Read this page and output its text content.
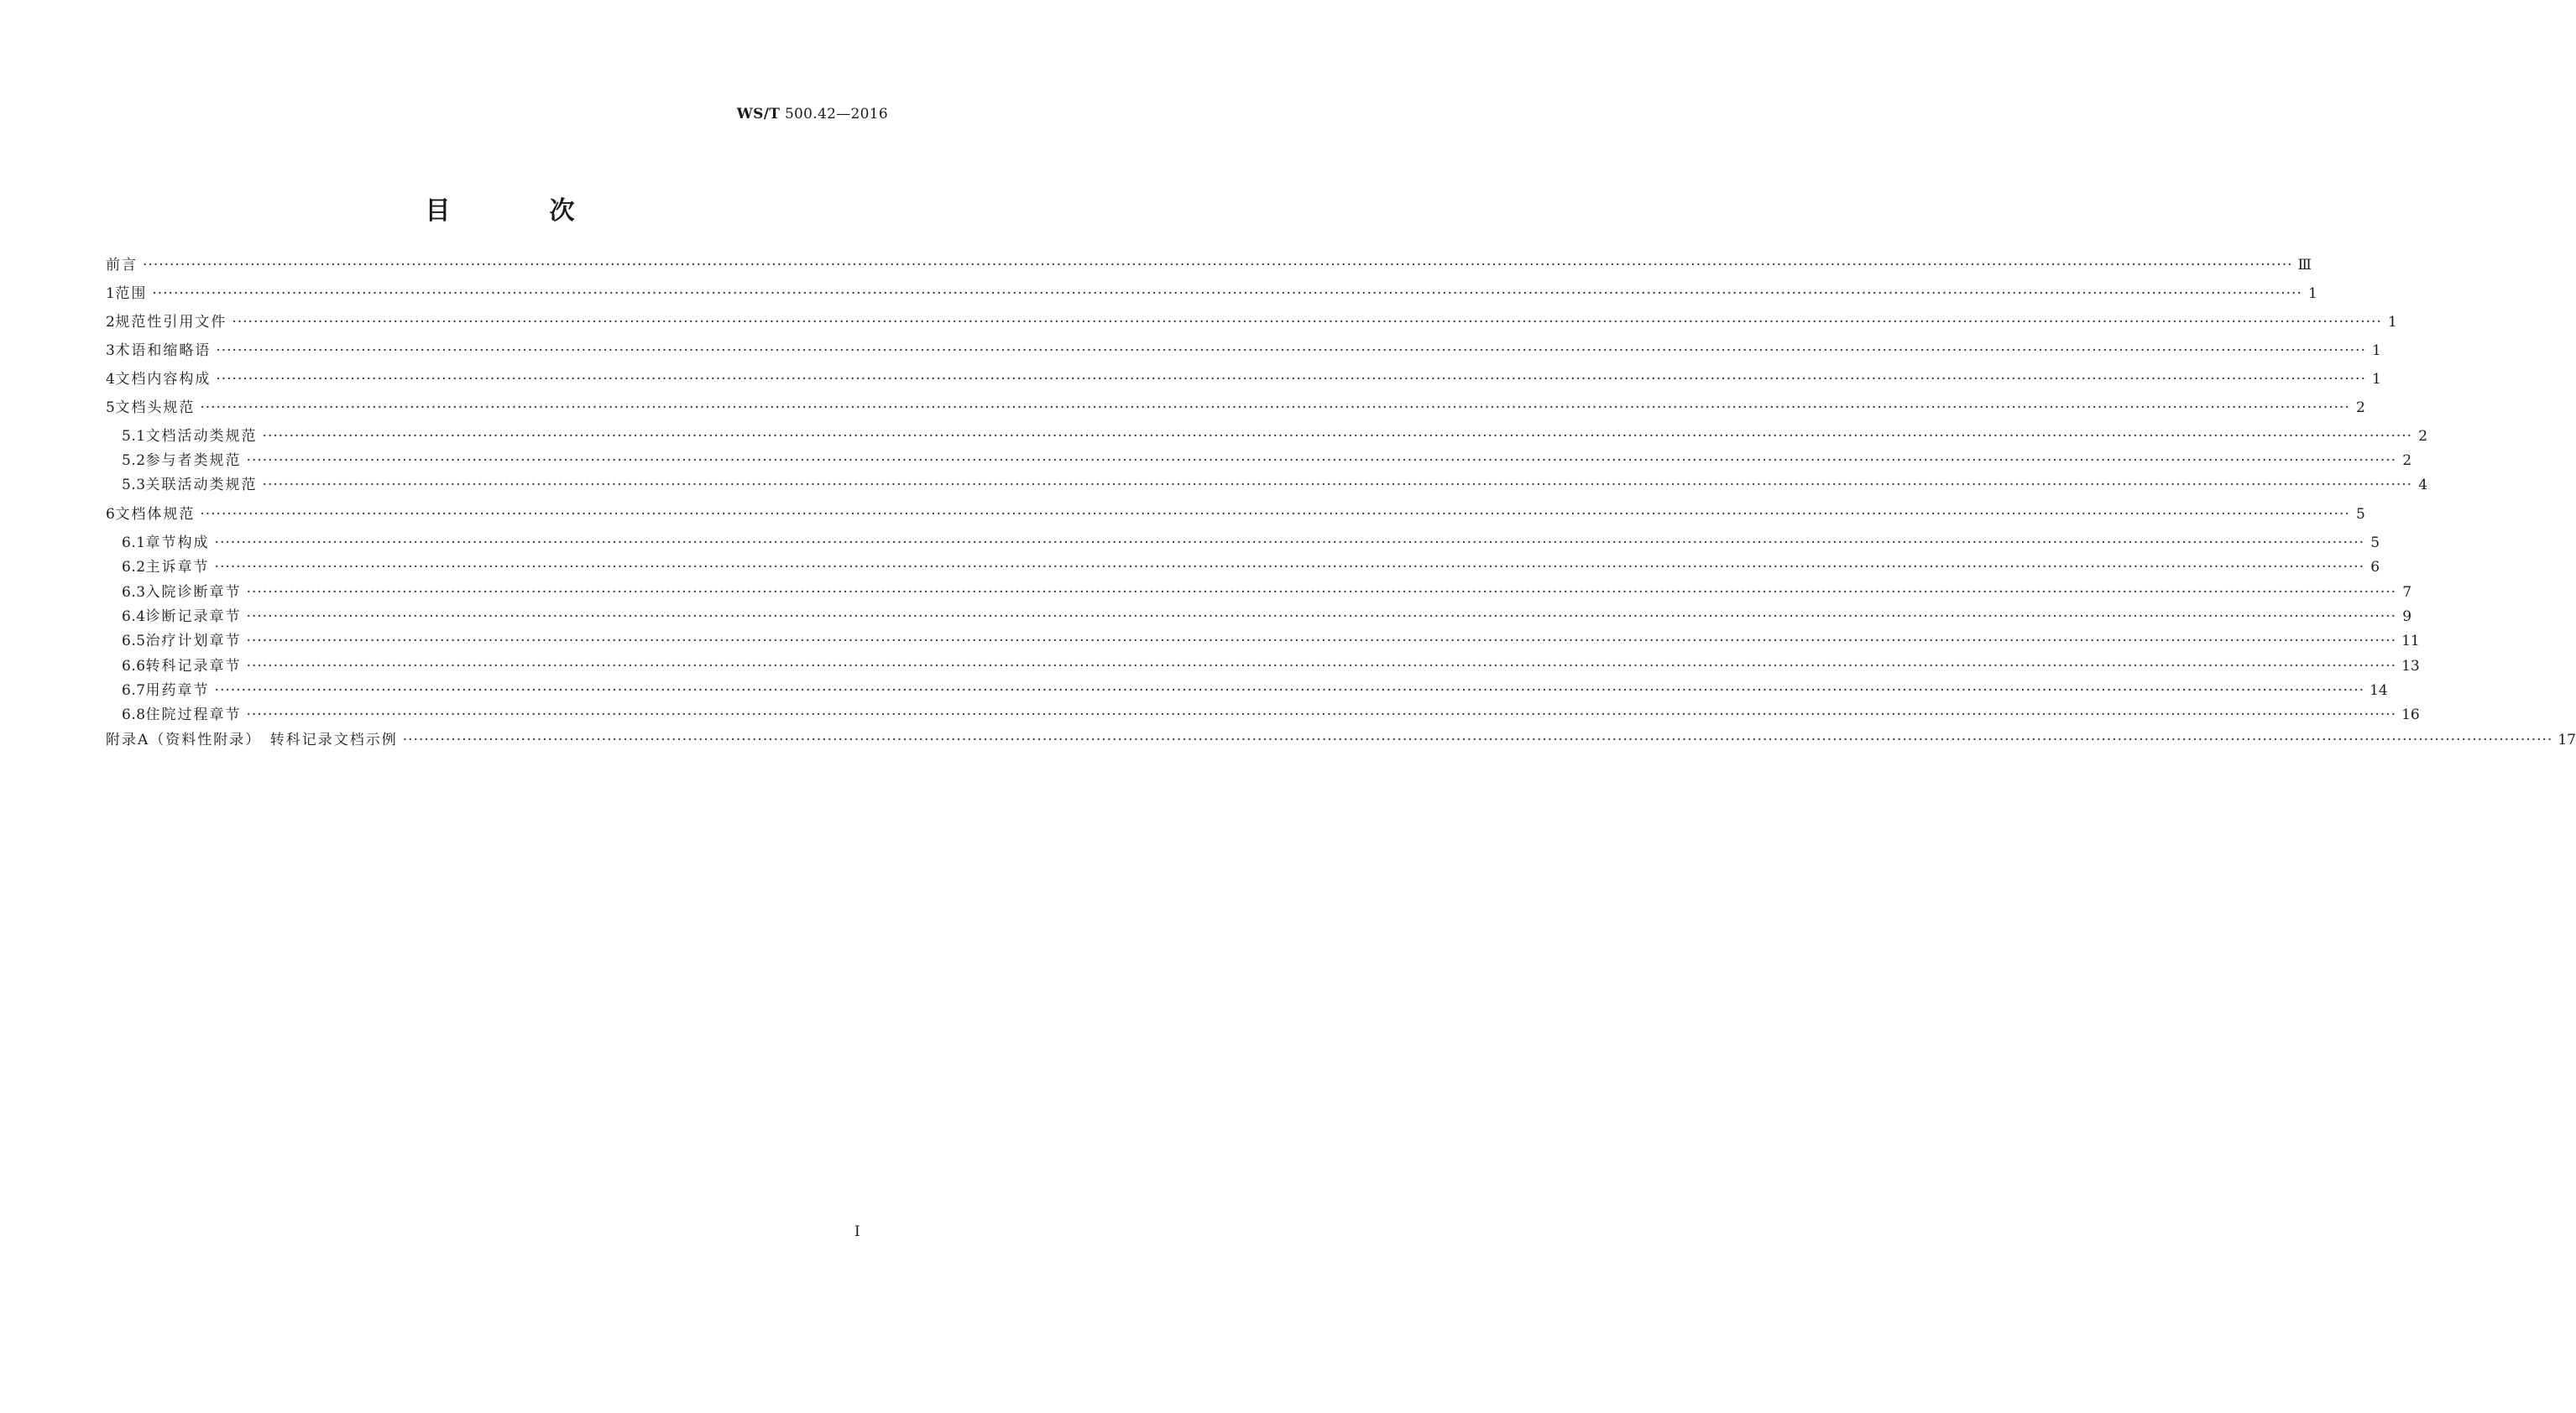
WS/T 500.42—2016
目　次
前言 ················································································································································································································································································································································································································ Ⅲ
1 范围 ················································································································································································································································································································································································································ 1
2 规范性引用文件 ················································································································································································································································································································································································································ 1
3 术语和缩略语 ················································································································································································································································································································································································································ 1
4 文档内容构成 ················································································································································································································································································································································································································ 1
5 文档头规范 ················································································································································································································································································································································································································ 2
5.1 文档活动类规范 ················································································································································································································································································································································································································ 2
5.2 参与者类规范 ················································································································································································································································································································································································································ 2
5.3 关联活动类规范 ················································································································································································································································································································································································································ 4
6 文档体规范 ················································································································································································································································································································································································································ 5
6.1 章节构成 ················································································································································································································································································································································································································ 5
6.2 主诉章节 ················································································································································································································································································································································································································ 6
6.3 入院诊断章节 ················································································································································································································································································································································································································ 7
6.4 诊断记录章节 ················································································································································································································································································································································································································ 9
6.5 治疗计划章节 ················································································································································································································································································································································································································ 11
6.6 转科记录章节 ················································································································································································································································································································································································································ 13
6.7 用药章节 ················································································································································································································································································································································································································ 14
6.8 住院过程章节 ················································································································································································································································································································································································································ 16
附录A（资料性附录）　转科记录文档示例 ················································································································································································································································································································································································································ 17
I
